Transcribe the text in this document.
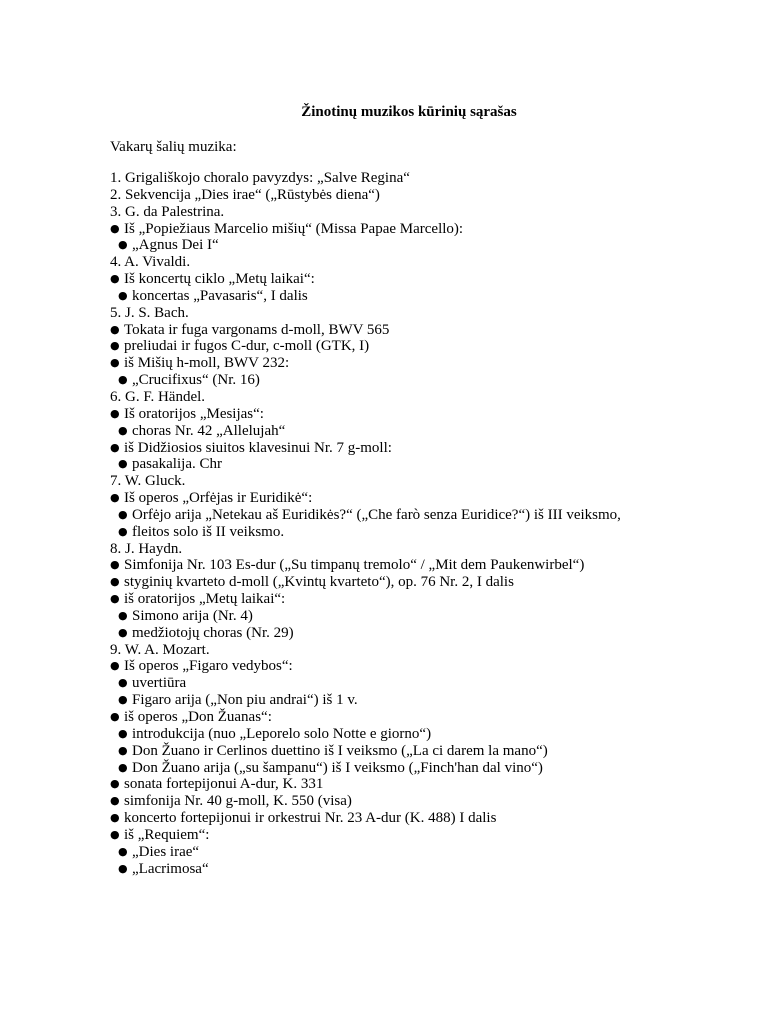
Žinotinų muzikos kūrinių sąrašas
Vakarų šalių muzika:
1. Grigališkojo choralo pavyzdys: „Salve Regina“
2. Sekvencija „Dies irae“ („Rūstybės diena“)
3. G. da Palestrina.
● Iš „Popiežiaus Marcelio mišių“ (Missa Papae Marcello):
● „Agnus Dei I“
4. A. Vivaldi.
● Iš koncertų ciklo „Metų laikai“:
● koncertas „Pavasaris“, I dalis
5. J. S. Bach.
● Tokata ir fuga vargonams d-moll, BWV 565
● preliudai ir fugos C-dur, c-moll (GTK, I)
● iš Mišių h-moll, BWV 232:
● „Crucifixus“ (Nr. 16)
6. G. F. Händel.
● Iš oratorijos „Mesijas“:
● choras Nr. 42 „Allelujah“
● iš Didžiosios siuitos klavesinui Nr. 7 g-moll:
● pasakalija. Chr
7. W. Gluck.
● Iš operos „Orfėjas ir Euridikė“:
● Orfėjo arija „Netekau aš Euridikės?“ („Che farò senza Euridice?“) iš III veiksmo,
● fleitos solo iš II veiksmo.
8. J. Haydn.
● Simfonija Nr. 103 Es-dur („Su timpanų tremolo“ / „Mit dem Paukenwirbel“)
● styginių kvarteto d-moll („Kvintų kvarteto“), op. 76 Nr. 2, I dalis
● iš oratorijos „Metų laikai“:
● Simono arija (Nr. 4)
● medžiotojų choras (Nr. 29)
9. W. A. Mozart.
● Iš operos „Figaro vedybos“:
● uvertiūra
● Figaro arija („Non piu andrai“) iš 1 v.
● iš operos „Don Žuanas“:
● introdukcija (nuo „Leporelo solo Notte e giorno“)
● Don Žuano ir Cerlinos duettino iš I veiksmo („La ci darem la mano“)
● Don Žuano arija („su šampanu“) iš I veiksmo („Finch'han dal vino“)
● sonata fortepijonui A-dur, K. 331
● simfonija Nr. 40 g-moll, K. 550 (visa)
● koncerto fortepijonui ir orkestrui Nr. 23 A-dur (K. 488) I dalis
● iš „Requiem“:
● „Dies irae“
● „Lacrimosa“
